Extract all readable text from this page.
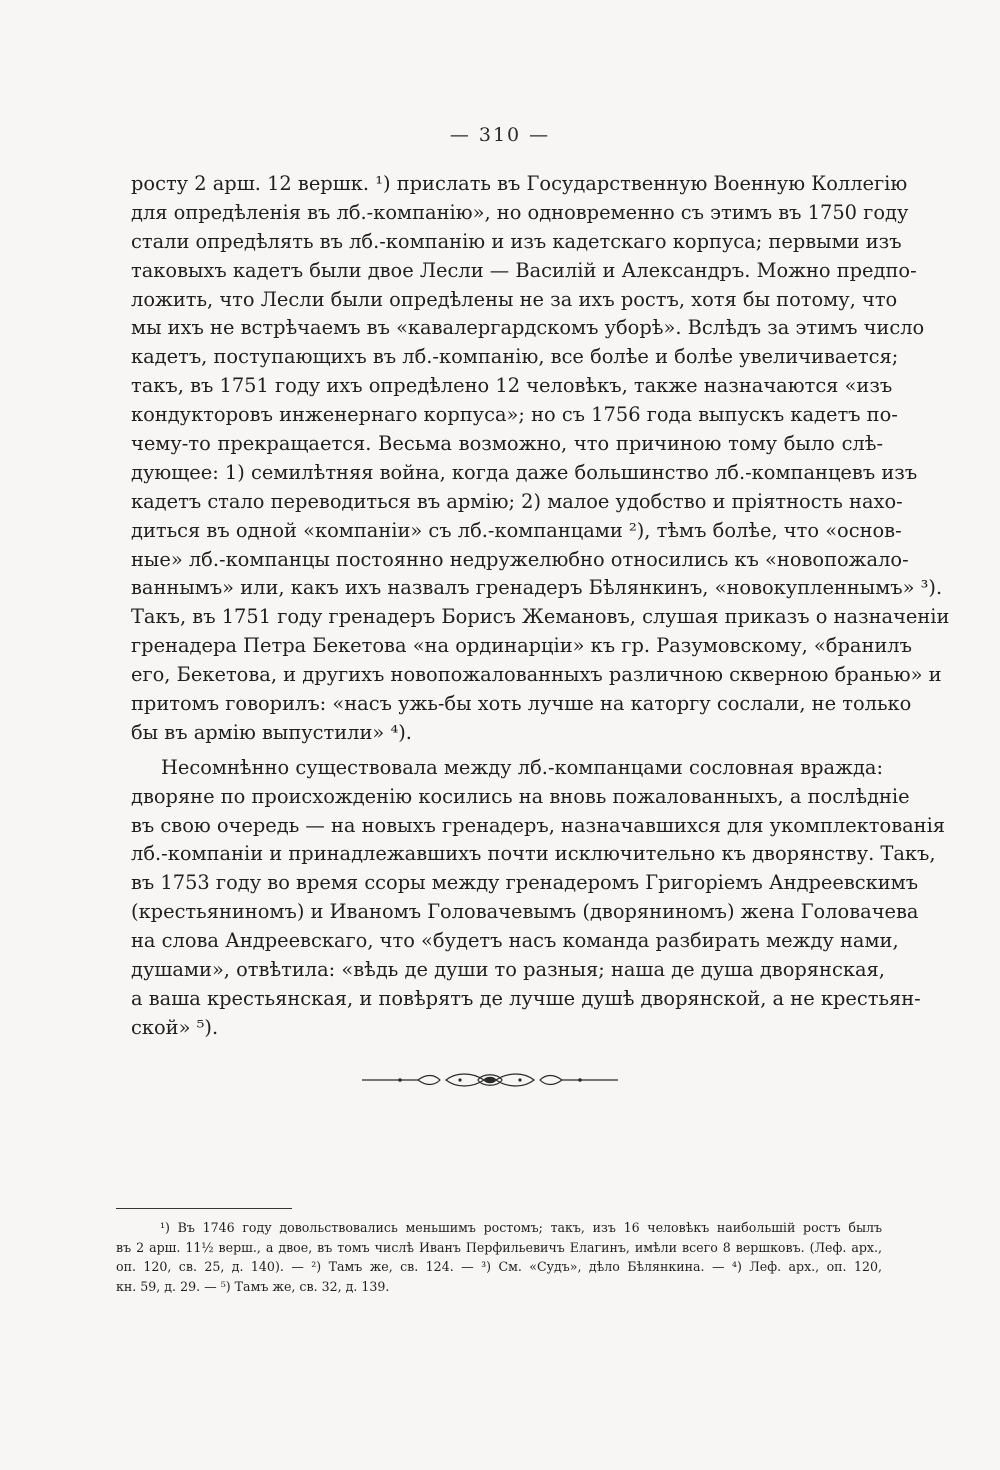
— 310 —
росту 2 арш. 12 вершк. ¹) прислать въ Государственную Военную Коллегію
для опредѣленія въ лб.-компанію», но одновременно съ этимъ въ 1750 году
стали опредѣлять въ лб.-компанію и изъ кадетскаго корпуса; первыми изъ
таковыхъ кадетъ были двое Лесли — Василій и Александръ. Можно предпо-
ложить, что Лесли были опредѣлены не за ихъ ростъ, хотя бы потому, что
мы ихъ не встрѣчаемъ въ «кавалергардскомъ уборѣ». Вслѣдъ за этимъ число
кадетъ, поступающихъ въ лб.-компанію, все болѣе и болѣе увеличивается;
такъ, въ 1751 году ихъ опредѣлено 12 человѣкъ, также назначаются «изъ
кондукторовъ инженернаго корпуса»; но съ 1756 года выпускъ кадетъ по-
чему-то прекращается. Весьма возможно, что причиною тому было слѣ-
дующее: 1) семилѣтняя война, когда даже большинство лб.-компанцевъ изъ
кадетъ стало переводиться въ армію; 2) малое удобство и пріятность нахо-
диться въ одной «компаніи» съ лб.-компанцами ²), тѣмъ болѣе, что «основ-
ные» лб.-компанцы постоянно недружелюбно относились къ «новопожало-
ваннымъ» или, какъ ихъ назвалъ гренадеръ Бѣлянкинъ, «новокупленнымъ» ³).
Такъ, въ 1751 году гренадеръ Борисъ Жемановъ, слушая приказъ о назначеніи
гренадера Петра Бекетова «на ординарціи» къ гр. Разумовскому, «бранилъ
его, Бекетова, и другихъ новопожалованныхъ различною скверною бранью» и
притомъ говорилъ: «насъ ужь-бы хоть лучше на каторгу сослали, не только
бы въ армію выпустили» ⁴).
Несомнѣнно существовала между лб.-компанцами сословная вражда:
дворяне по происхожденію косились на вновь пожалованныхъ, а послѣдніе
въ свою очередь — на новыхъ гренадеръ, назначавшихся для укомплектованія
лб.-компаніи и принадлежавшихъ почти исключительно къ дворянству. Такъ,
въ 1753 году во время ссоры между гренадеромъ Григоріемъ Андреевскимъ
(крестьяниномъ) и Иваномъ Головачевымъ (дворяниномъ) жена Головачева
на слова Андреевскаго, что «будетъ насъ команда разбирать между нами,
душами», отвѣтила: «вѣдь де души то разныя; наша де душа дворянская,
а ваша крестьянская, и повѣрятъ де лучше душѣ дворянской, а не крестьян-
ской» ⁵).
¹) Въ 1746 году довольствовались меньшимъ ростомъ; такъ, изъ 16 человѣкъ наибольшій ростъ былъ
въ 2 арш. 11½ верш., а двое, въ томъ числѣ Иванъ Перфильевичъ Елагинъ, имѣли всего 8 вершковъ. (Леф. арх.,
оп. 120, св. 25, д. 140). — ²) Тамъ же, св. 124. — ³) См. «Судъ», дѣло Бѣлянкина. — ⁴) Леф. арх., оп. 120,
кн. 59, д. 29. — ⁵) Тамъ же, св. 32, д. 139.
